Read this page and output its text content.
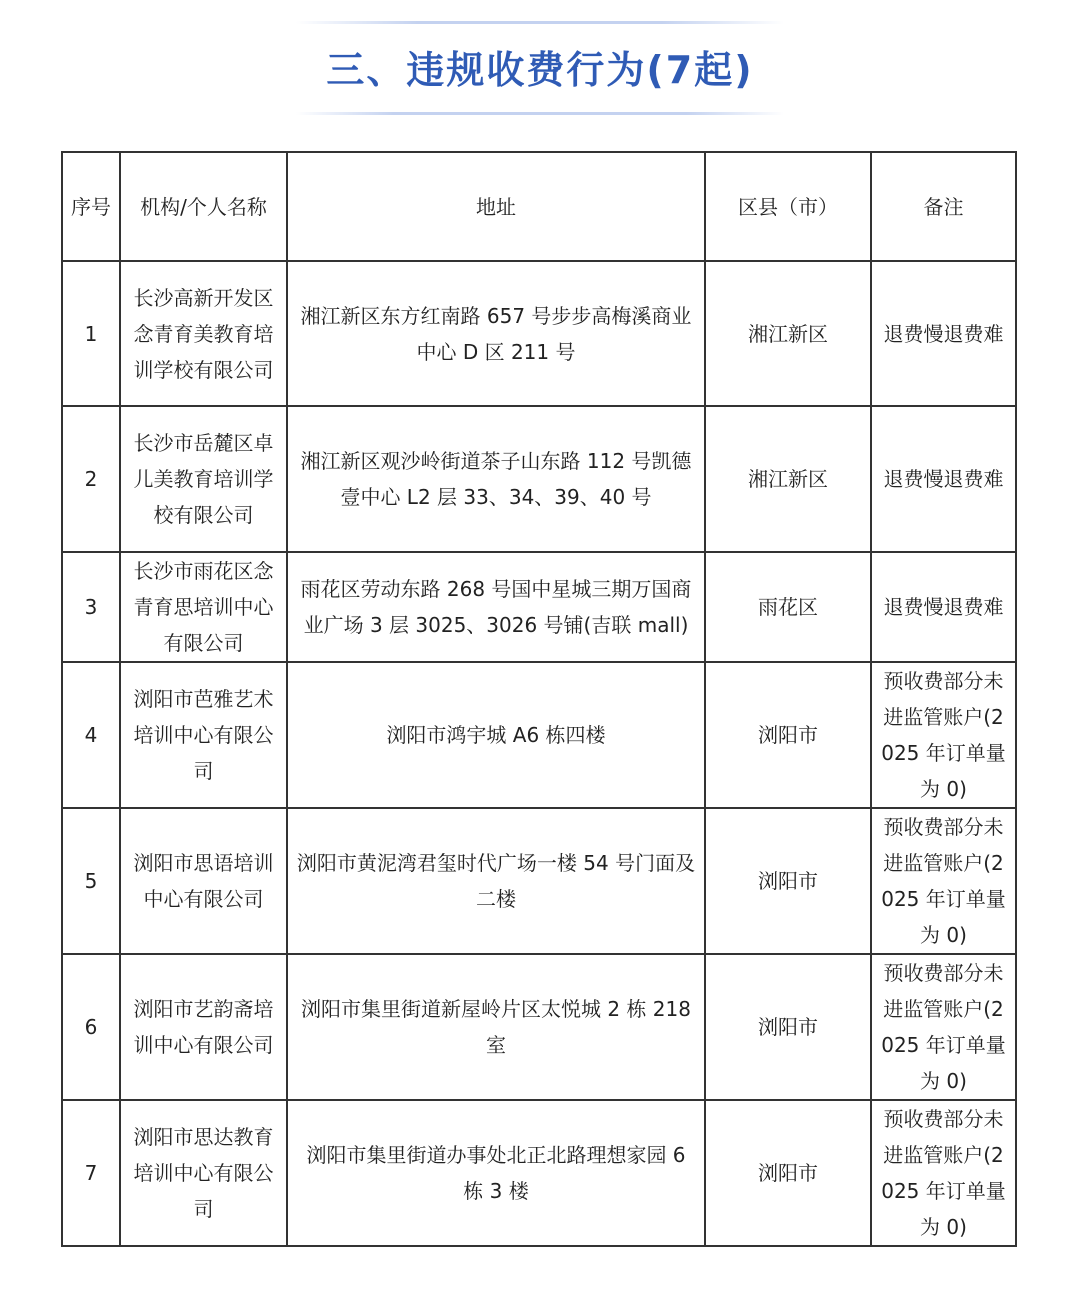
三、违规收费行为(7起)
序号	机构/个人名称	地址	区县（市）	备注
1	长沙高新开发区念青育美教育培训学校有限公司	湘江新区东方红南路 657 号步步高梅溪商业中心 D 区 211 号	湘江新区	退费慢退费难
2	长沙市岳麓区卓儿美教育培训学校有限公司	湘江新区观沙岭街道茶子山东路 112 号凯德壹中心 L2 层 33、34、39、40 号	湘江新区	退费慢退费难
3	长沙市雨花区念青育思培训中心有限公司	雨花区劳动东路 268 号国中星城三期万国商业广场 3 层 3025、3026 号铺(吉联 mall)	雨花区	退费慢退费难
4	浏阳市芭雅艺术培训中心有限公司	浏阳市鸿宇城 A6 栋四楼	浏阳市	预收费部分未进监管账户(2025 年订单量为 0)
5	浏阳市思语培训中心有限公司	浏阳市黄泥湾君玺时代广场一楼 54 号门面及二楼	浏阳市	预收费部分未进监管账户(2025 年订单量为 0)
6	浏阳市艺韵斋培训中心有限公司	浏阳市集里街道新屋岭片区太悦城 2 栋 218 室	浏阳市	预收费部分未进监管账户(2025 年订单量为 0)
7	浏阳市思达教育培训中心有限公司	浏阳市集里街道办事处北正北路理想家园 6 栋 3 楼	浏阳市	预收费部分未进监管账户(2025 年订单量为 0)
